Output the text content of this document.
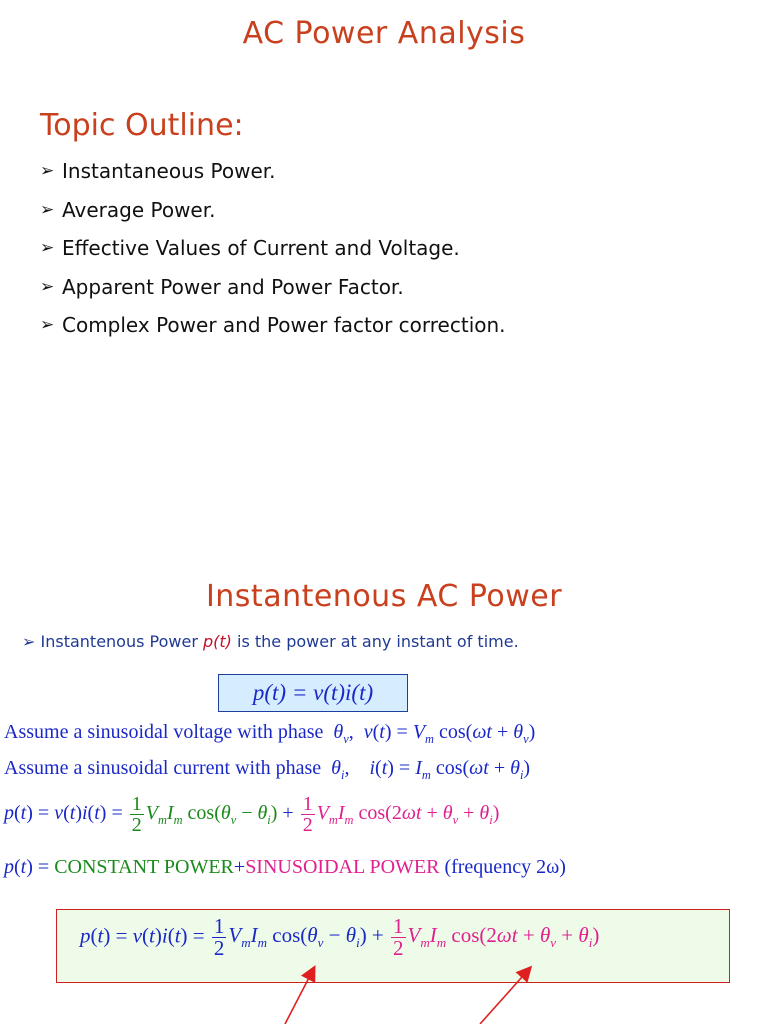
AC Power Analysis
Topic Outline:
➢ Instantaneous Power.
➢ Average Power.
➢ Effective Values of Current and Voltage.
➢ Apparent Power and Power Factor.
➢ Complex Power and Power factor correction.
Instantenous AC Power
➢ Instantenous Power p(t) is the power at any instant of time.
p(t) = v(t)i(t)
Assume a sinusoidal voltage with phase $\theta_v$,  $v(t) = V_m$ $\cos(\omega t + \theta_v)$
Assume a sinusoidal current with phase $\theta_i$,    $i(t) = I_m$ $\cos(\omega t + \theta_i)$
$p(t) = v(t)i(t) = \frac{1}{2} V_mI_m$ $\cos(\theta_v - \theta_i) + \frac{1}{2} V_mI_m$ $\cos(2\omega t + \theta_v + \theta_i)$
p(t) = CONSTANT POWER+SINUSOIDAL POWER (frequency 2ω)
$p(t) = v(t)i(t) = \frac{1}{2} V_mI_m$ $\cos(\theta_v - \theta_i) + \frac{1}{2} V_mI_m$ $\cos(2\omega t + \theta_v + \theta_i)$
